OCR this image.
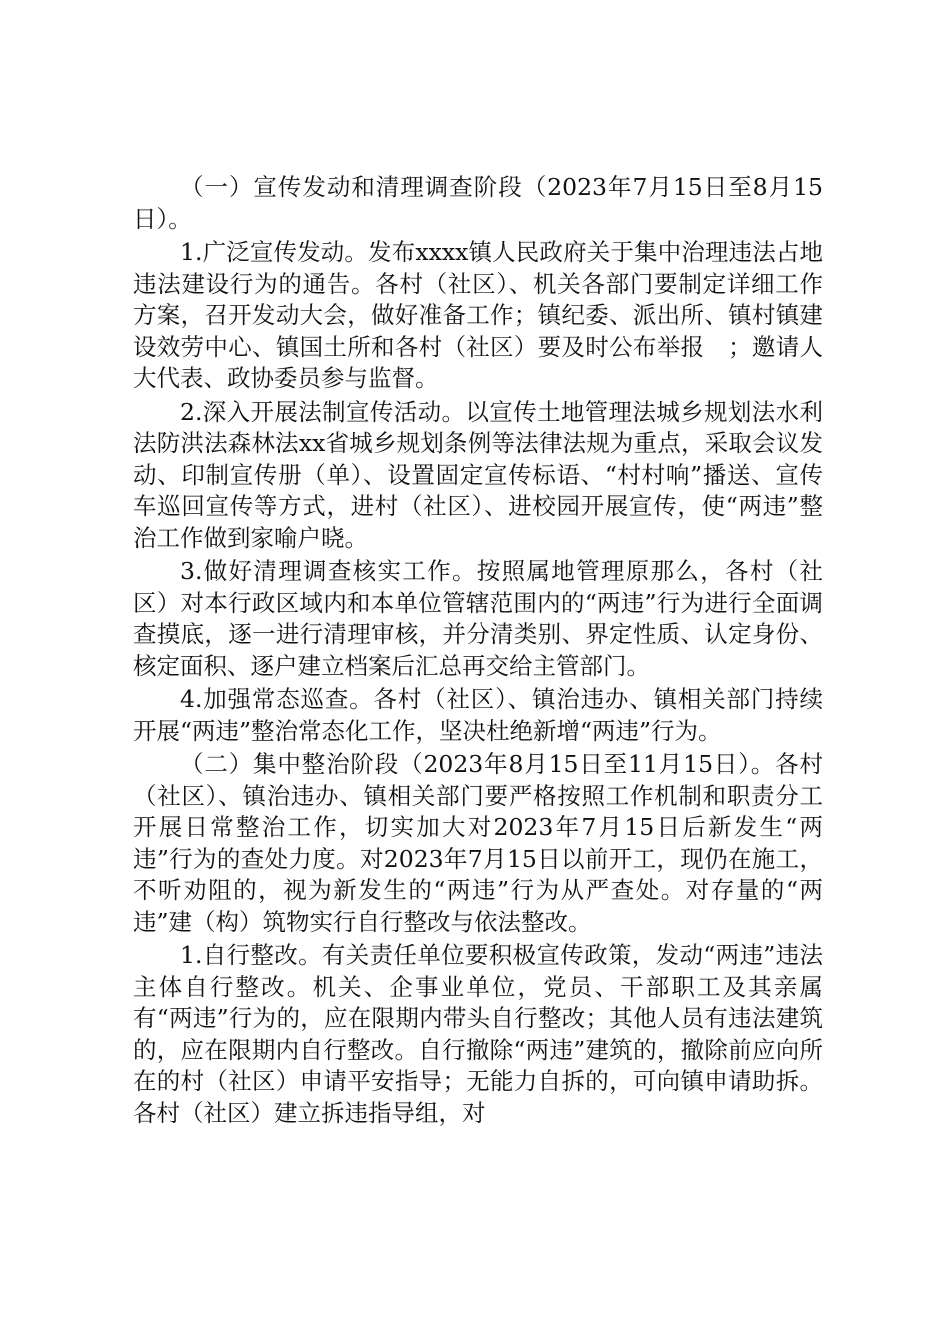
（一）宣传发动和清理调查阶段（2023年7月15日至8月15日）。

1.广泛宣传发动。发布xxxx镇人民政府关于集中治理违法占地违法建设行为的通告。各村（社区）、机关各部门要制定详细工作方案，召开发动大会，做好准备工作；镇纪委、派出所、镇村镇建设效劳中心、镇国土所和各村（社区）要及时公布举报　；邀请人大代表、政协委员参与监督。

2.深入开展法制宣传活动。以宣传土地管理法城乡规划法水利法防洪法森林法xx省城乡规划条例等法律法规为重点，采取会议发动、印制宣传册（单）、设置固定宣传标语、“村村响”播送、宣传车巡回宣传等方式，进村（社区）、进校园开展宣传，使“两违”整治工作做到家喻户晓。

3.做好清理调查核实工作。按照属地管理原那么，各村（社区）对本行政区域内和本单位管辖范围内的“两违”行为进行全面调查摸底，逐一进行清理审核，并分清类别、界定性质、认定身份、核定面积、逐户建立档案后汇总再交给主管部门。

4.加强常态巡查。各村（社区）、镇治违办、镇相关部门持续开展“两违”整治常态化工作，坚决杜绝新增“两违”行为。

（二）集中整治阶段（2023年8月15日至11月15日）。各村（社区）、镇治违办、镇相关部门要严格按照工作机制和职责分工开展日常整治工作，切实加大对2023年7月15日后新发生“两违”行为的查处力度。对2023年7月15日以前开工，现仍在施工，不听劝阻的，视为新发生的“两违”行为从严查处。对存量的“两违”建（构）筑物实行自行整改与依法整改。

1.自行整改。有关责任单位要积极宣传政策，发动“两违”违法主体自行整改。机关、企事业单位，党员、干部职工及其亲属有“两违”行为的，应在限期内带头自行整改；其他人员有违法建筑的，应在限期内自行整改。自行撤除“两违”建筑的，撤除前应向所在的村（社区）申请平安指导；无能力自拆的，可向镇申请助拆。各村（社区）建立拆违指导组，对
